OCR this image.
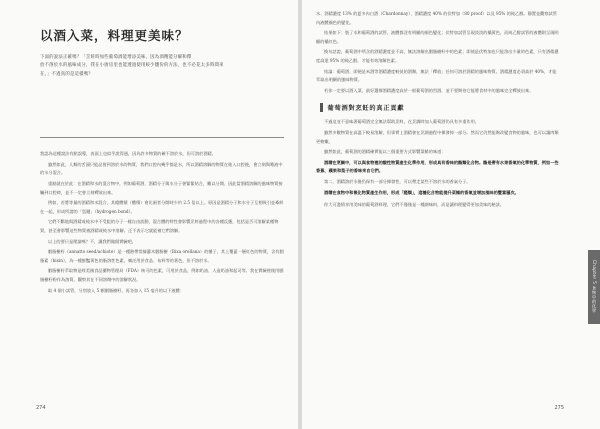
以酒入菜，料理更美味？

下面的說法正確嗎？「烹飪時加些葡萄酒能增添美味，因為酒精能分解和釋

放不溶於水的風味成分，我在小廚房里也能透過使用較少鹽份的方法，也不必花太多時間來

在。」不過真的是這樣嗎？

我認為這種說法有點誤導，表面上也似乎說得通，因為許多物質的確不溶於水，但可溶於酒精。

雖然如此，人類的舌頭只能品嘗到溶於水的物質，我們口腔內幾乎都是水，所以酒精溶解的物質在進入口腔後，會立刻與唾液中的水分混合。

重點就在於此：在酒精和水的混合物中，例如葡萄酒，酒精分子與水分子會緊緊結合，難以分開，因此當酒精溶解的風味物質接觸到口腔時，並不一定會立刻釋放出來。

例如，若將等量的酒精和水混合，其總體積（體積）會比兩者分開時少約 2.5 倍以上。原因是酒精分子和水分子互相吸引並牽絆在一起，形成所謂的「氫鍵」（hydrogen bond）。

它們不斷地與酒精或純水中不受阻的分子一樣自由流動，混合體的特性會影響烹飪過程中的各種反應，包括是否可溶解某種物質，甚至會影響這些物質被酒精或純水中溶解。正不表示它就能被它們溶解。

以上的要只是理論嗎？不，讓我們做個實驗吧。

胭脂樹籽（annatto seed/achiote）是一種熱帶常綠灌木胭脂樹（Bixa orellana）的種子，其上覆蓋一層紅色的物質，含有胭脂素（bixin），為一種鮮豔黃色的脂溶性色素，廣泛用於食品、布料等的著色，但不溶於水。

胭脂樹籽萃取物是經美國食品藥物管理局（FDA）核可的色素，可用於食品，例如奶油、人造奶油和起司等。我在實驗裡使用胭脂樹籽粉作為溶質，觀察其在不同溶劑中的溶解狀況。

取 4 個小試管，分別放入 5 顆胭脂樹籽，再各加入 15 毫升的以下液體：

274

水、酒精濃度 13% 的夏多內白酒（Chardonnay）、酒精濃度 40% 的伏特加（80 proof）以及 95% 的純乙醇。靜置並觀察試管內液體顏色的變化。

結果如下：裝了水和葡萄酒的試管，液體都沒有明顯的顏色變化；伏特加試管呈現淡淡的橘黃色，而純乙醇試管的液體則呈現明顯的橘紅色。

換句話說，葡萄酒中所含的酒精濃度並不高，無法溶解出胭脂樹籽中的色素；即使是伏特加也只能溶出少量的色素，只有酒精濃度高達 95% 的純乙醇，才能有效溶解色素。

結論：葡萄酒、即便是米酒等酒精濃度較低的酒類，無法「釋放」任何可溶於酒精的風味物質。酒精濃度必須高於 40%，才能萃取出明顯的風味物質。

若你一定要以酒入菜，最好選擇酒精濃度高於一般葡萄酒的烈酒，並不要期待它能將食材中的風味完全釋放出來。

葡萄酒對烹飪的真正貢獻

不過這並不意味著葡萄酒完全無法幫助烹飪，在烹調時加入葡萄酒仍具有多重作用。

雖然多數物質在高溫下較易溶解，但事實上酒精會在烹調過程中揮發掉一部分。然而它仍然能夠改變食物的風味，也可以讓肉類更軟嫩。

雖然如此，葡萄酒的酒精確實能以三個重要方式影響菜餚的味道：

酒精在烹調中，可以與食物裡的酸性物質產生化學作用，形成具有香味的酯類化合物。酯是帶有水果香氣的化學物質，例如一些香蕉、蘋果和梨子的香味來自它們。

第二，酒精溶於水後仍保有一部分揮發性，可以帶走某些不溶於水的香氣分子。

酒精在食物中和氧化物質產生作用，形成「醛類」，這種化合物能提升菜餚的香氣並增加風味的豐富層次。

你大可盡情享用美味的葡萄酒料理，它們不僅僅是一種調味料，而是讓料理變得更加美味的秘訣。

275
Chapter 5 食物中的化學
